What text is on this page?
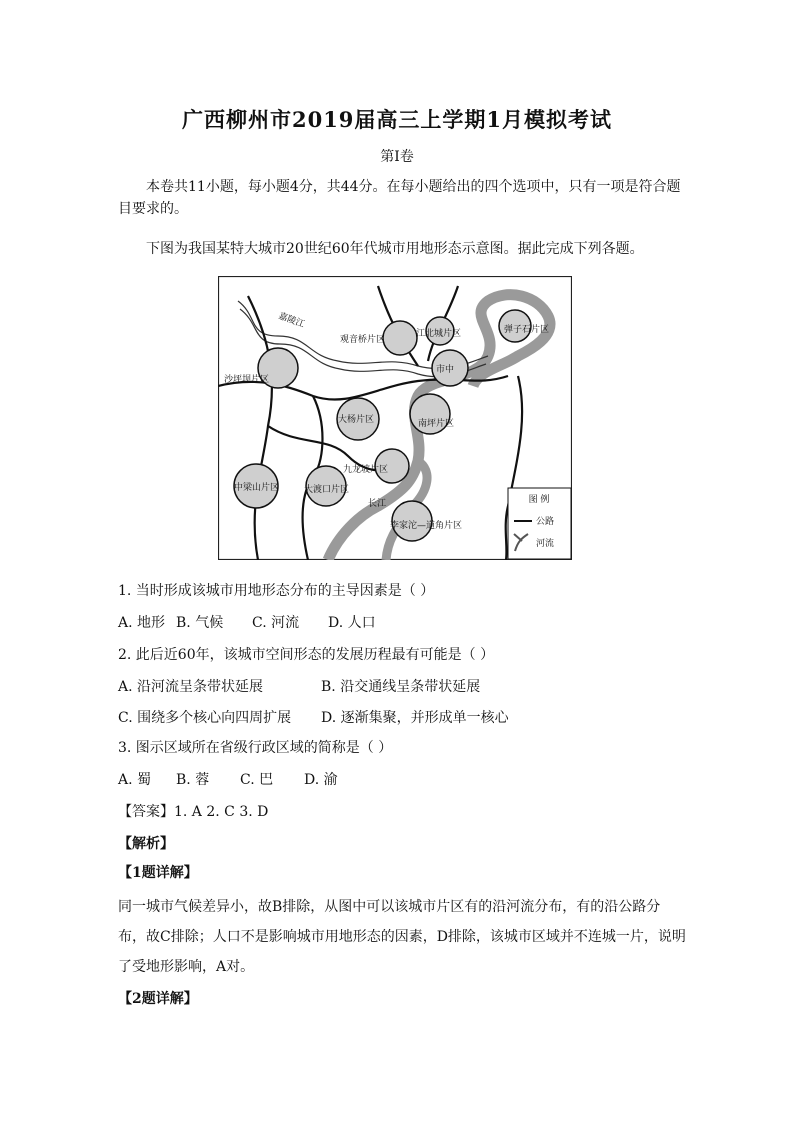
广西柳州市2019届高三上学期1月模拟考试
第Ⅰ卷

本卷共11小题，每小题4分，共44分。在每小题给出的四个选项中，只有一项是符合题目要求的。

下图为我国某特大城市20世纪60年代城市用地形态示意图。据此完成下列各题。

图 例
公路
河流
观音桥片区
江北城片区	弹子石片区
沙坪坝片区
市中
大杨片区	南坪片区
九龙坡片区
大渡口片区
中梁山片区
李家沱—道角片区
嘉陵江
长江
1. 当时形成该城市用地形态分布的主导因素是（ ）
A. 地形 B. 气候 C. 河流 D. 人口
2. 此后近60年，该城市空间形态的发展历程最有可能是（ ）
A. 沿河流呈条带状延展	B. 沿交通线呈条带状延展
C. 围绕多个核心向四周扩展 D. 逐渐集聚，并形成单一核心
3. 图示区域所在省级行政区域的简称是（ ）
A. 蜀 B. 蓉 C. 巴 D. 渝
【答案】1. A 2. C 3. D
【解析】
【1题详解】

同一城市气候差异小，故B排除，从图中可以该城市片区有的沿河流分布，有的沿公路分布，故C排除；人口不是影响城市用地形态的因素，D排除，该城市区域并不连城一片，说明了受地形影响，A对。

【2题详解】
